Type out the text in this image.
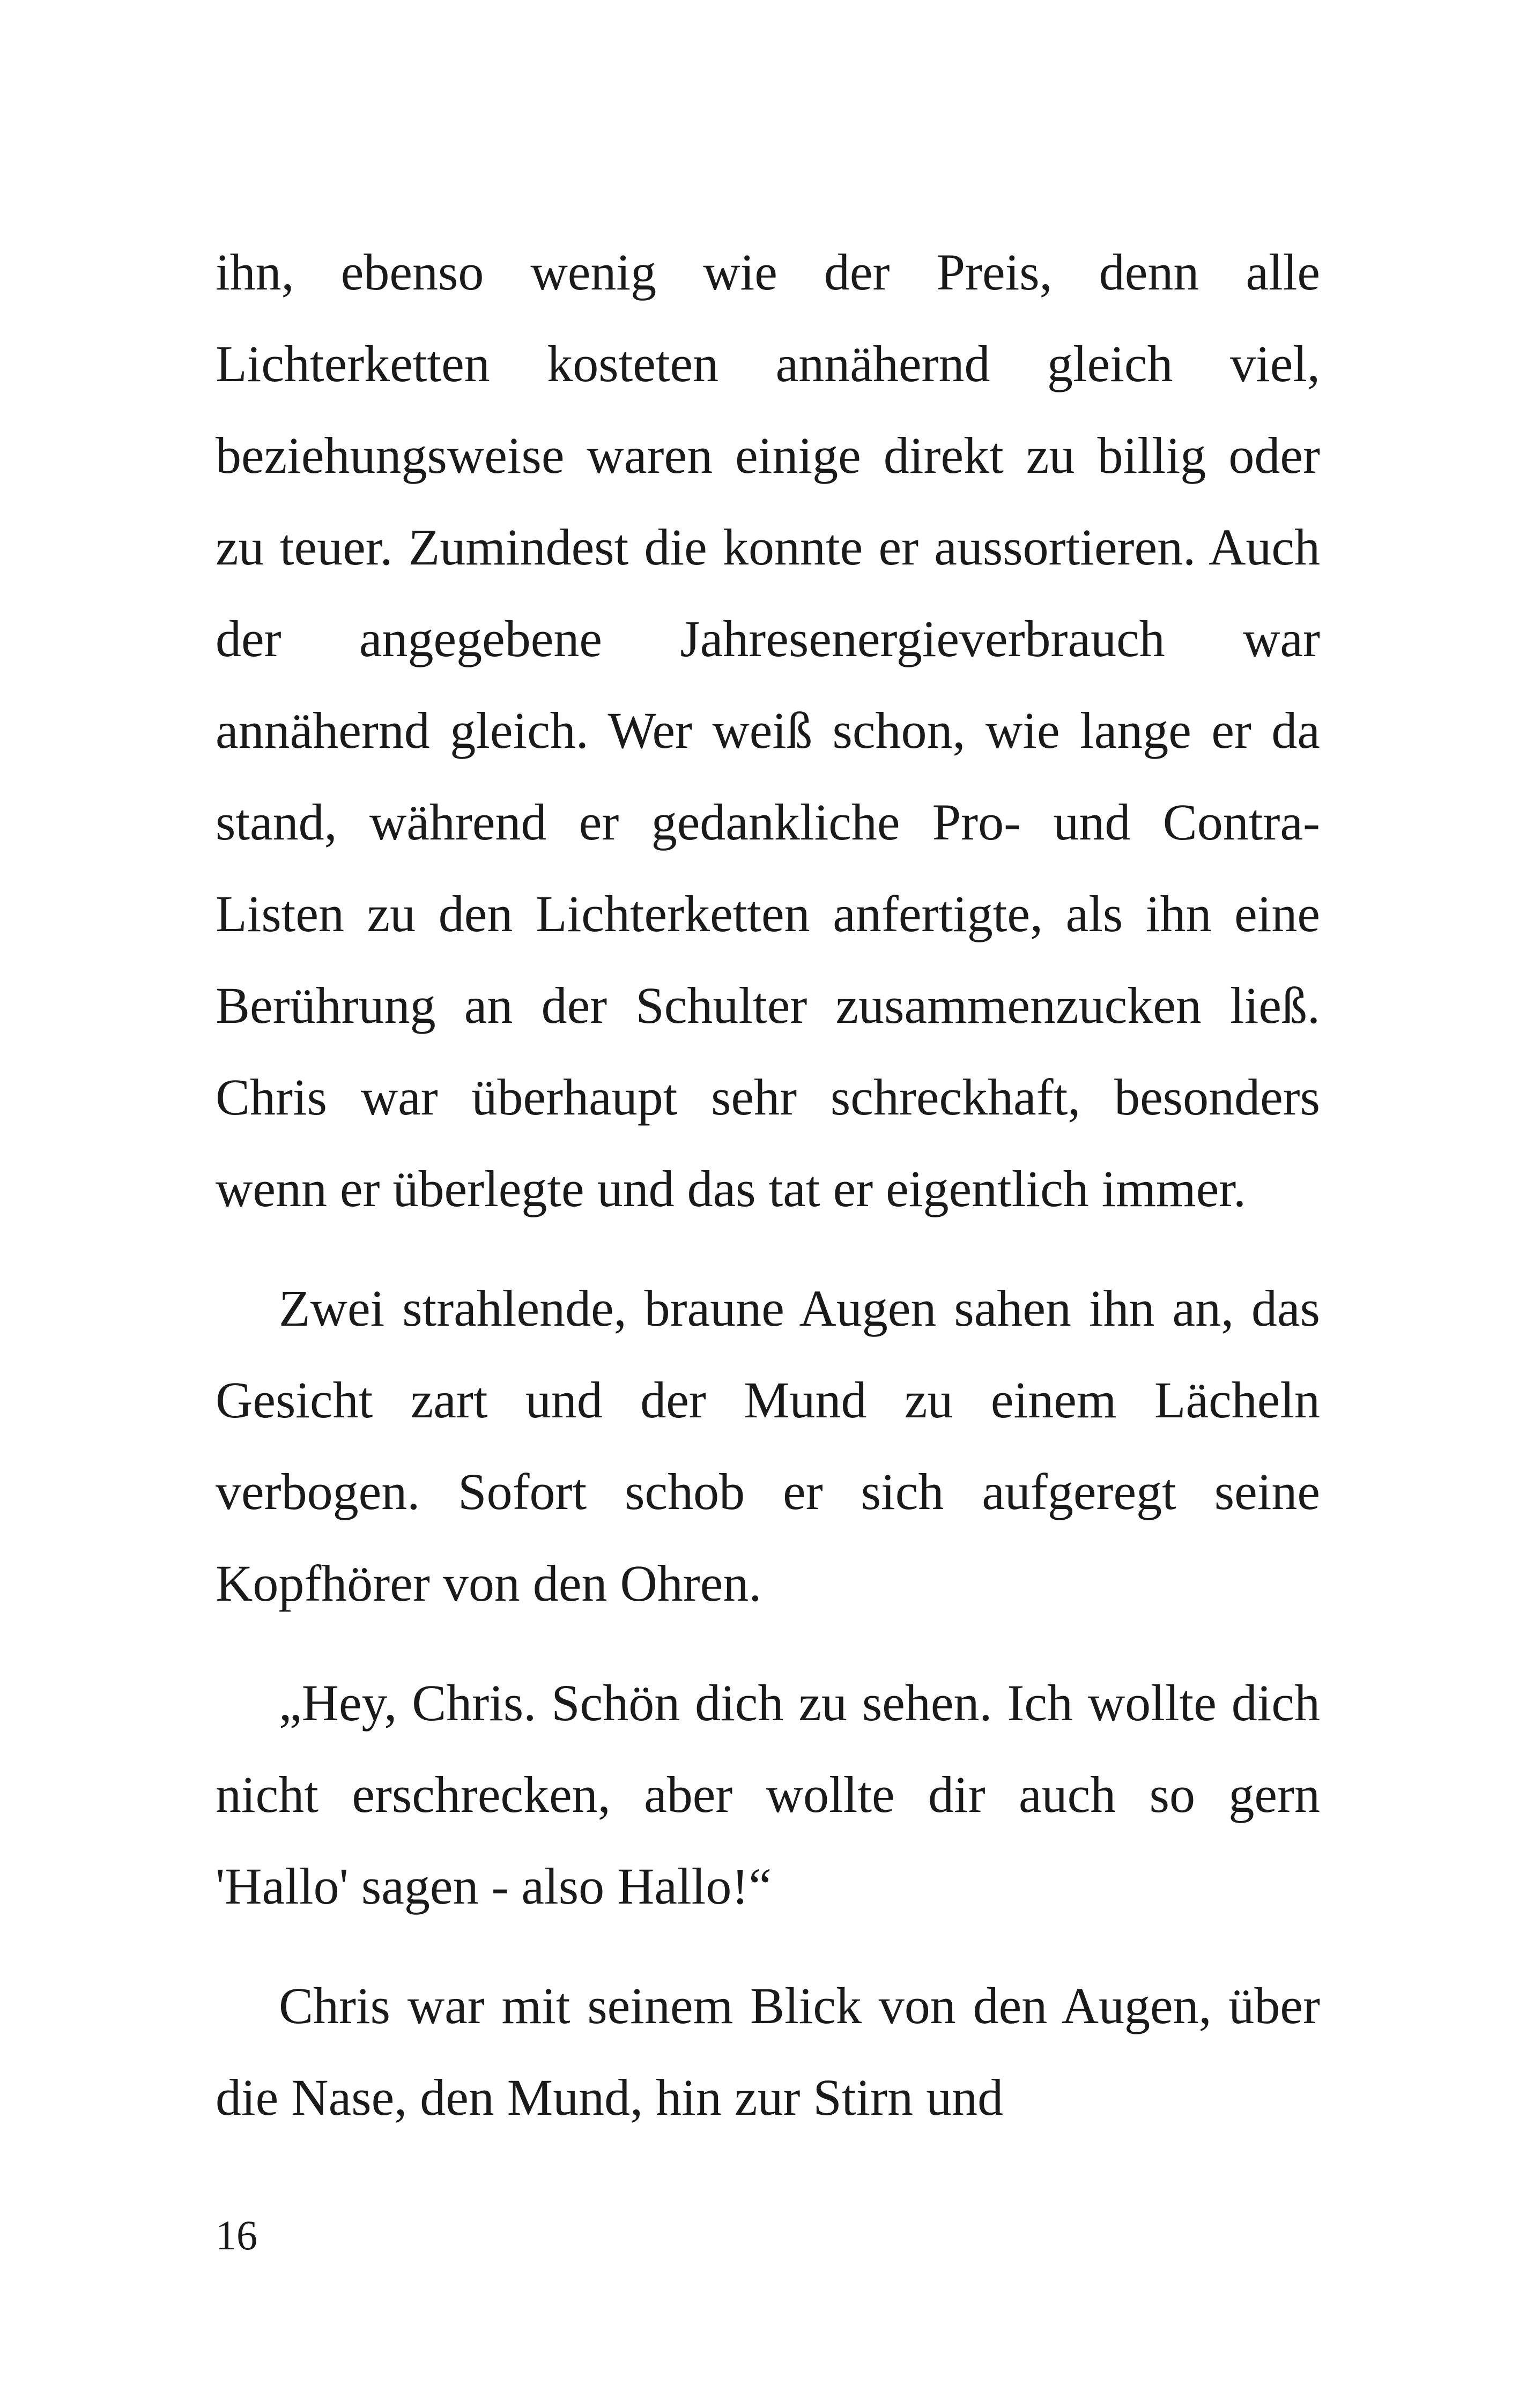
ihn, ebenso wenig wie der Preis, denn alle Lichterketten kosteten annähernd gleich viel, beziehungsweise waren einige direkt zu billig oder zu teuer. Zumindest die konnte er aussortieren. Auch der angegebene Jahresenergieverbrauch war annähernd gleich. Wer weiß schon, wie lange er da stand, während er gedankliche Pro- und Contra-Listen zu den Lichterketten anfertigte, als ihn eine Berührung an der Schulter zusammenzucken ließ. Chris war überhaupt sehr schreckhaft, besonders wenn er überlegte und das tat er eigentlich immer.

Zwei strahlende, braune Augen sahen ihn an, das Gesicht zart und der Mund zu einem Lächeln verbogen. Sofort schob er sich aufgeregt seine Kopfhörer von den Ohren.

„Hey, Chris. Schön dich zu sehen. Ich wollte dich nicht erschrecken, aber wollte dir auch so gern 'Hallo' sagen - also Hallo!“

Chris war mit seinem Blick von den Augen, über die Nase, den Mund, hin zur Stirn und

16
